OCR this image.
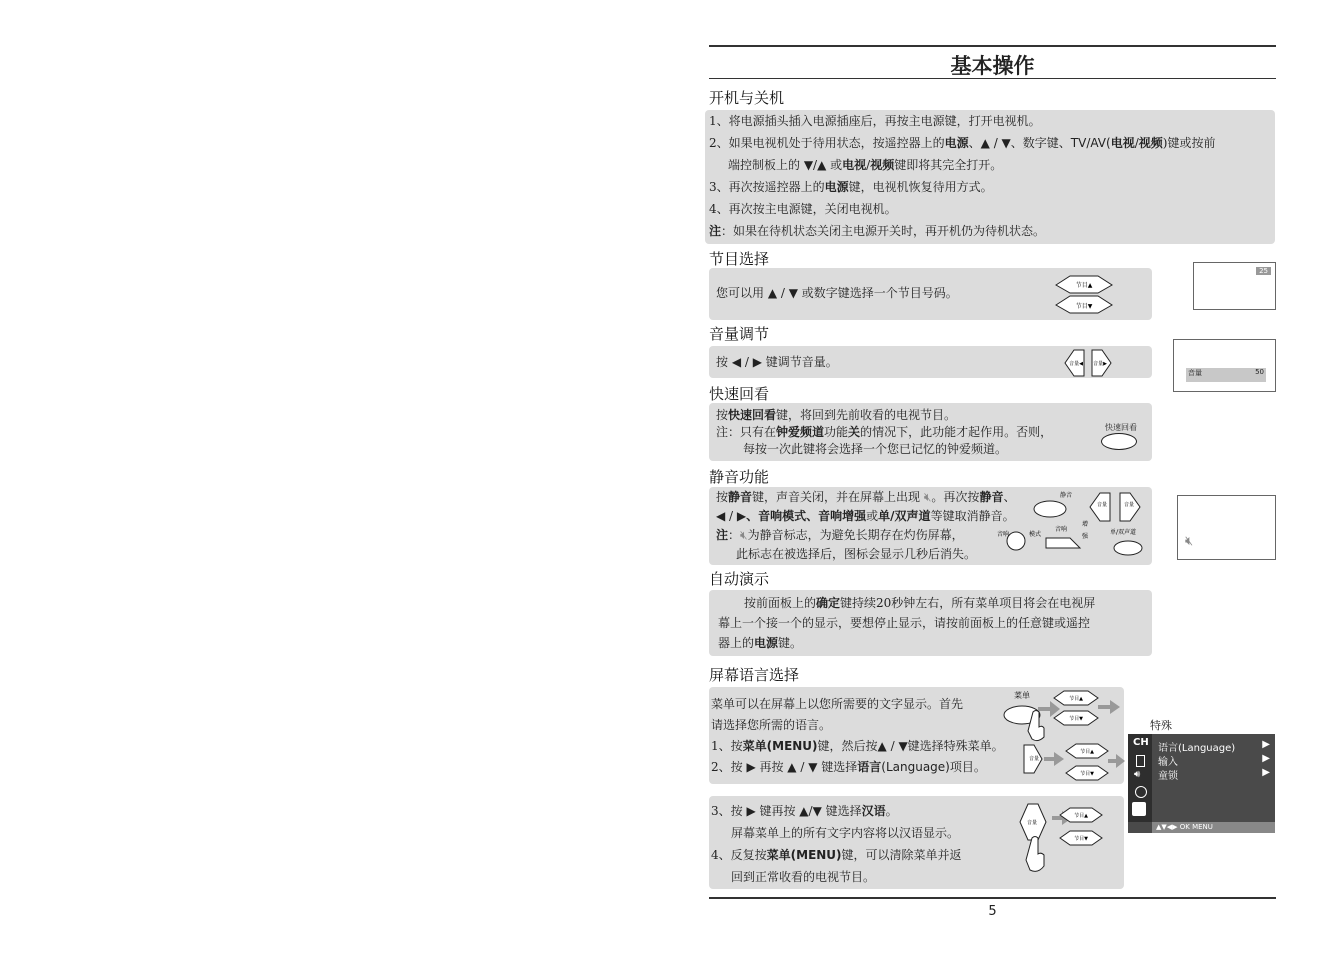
基本操作
开机与关机

1、将电源插头插入电源插座后，再按主电源键，打开电视机。

2、如果电视机处于待用状态，按遥控器上的电源、▲ / ▼、数字键、TV/AV(电视/视频)键或按前

端控制板上的 ▼/▲ 或电视/视频键即将其完全打开。

3、再次按遥控器上的电源键，电视机恢复待用方式。

4、再次按主电源键，关闭电视机。

注：如果在待机状态关闭主电源开关时，再开机仍为待机状态。

节目选择

您可以用 ▲ / ▼ 或数字键选择一个节目号码。

节目▲
节目▼
25
音量调节

按 ◀ / ▶ 键调节音量。	音量◀ 音量▶
音量	50
快速回看

按快速回看键，将回到先前收看的电视节目。

注：只有在钟爱频道功能关的情况下，此功能才起作用。否则，

每按一次此键将会选择一个您已记忆的钟爱频道。

快速回看
静音功能

按静音键，声音关闭，并在屏幕上出现 🔇︎。再次按静音、

◀ / ▶、音响模式、音响增强或单/双声道等键取消静音。

注：🔇︎为静音标志，为避免长期存在灼伤屏幕，

此标志在被选择后，图标会显示几秒后消失。

静音
音量	音量
音响	模式
音响
增
强
单/双声道
🔇︎
自动演示

按前面板上的确定键持续20秒钟左右，所有菜单项目将会在电视屏

幕上一个接一个的显示，要想停止显示，请按前面板上的任意键或遥控

器上的电源键。

屏幕语言选择

菜单可以在屏幕上以您所需要的文字显示。首先

请选择您所需的语言。

1、按菜单(MENU)键，然后按▲ / ▼键选择特殊菜单。

2、按 ▶ 再按 ▲ / ▼ 键选择语言(Language)项目。

3、按 ▶ 键再按 ▲/▼ 键选择汉语。

屏幕菜单上的所有文字内容将以汉语显示。

4、反复按菜单(MENU)键，可以清除菜单并返

回到正常收看的电视节目。

菜单	节目▲
节目▼
音量
节目▲
节目▼
音量
节目▲
节目▼
特殊
CH
🔊︎
语言(Language)	▶
输入	▶
童锁	▶
▲▼◀▶ OK MENU
5
